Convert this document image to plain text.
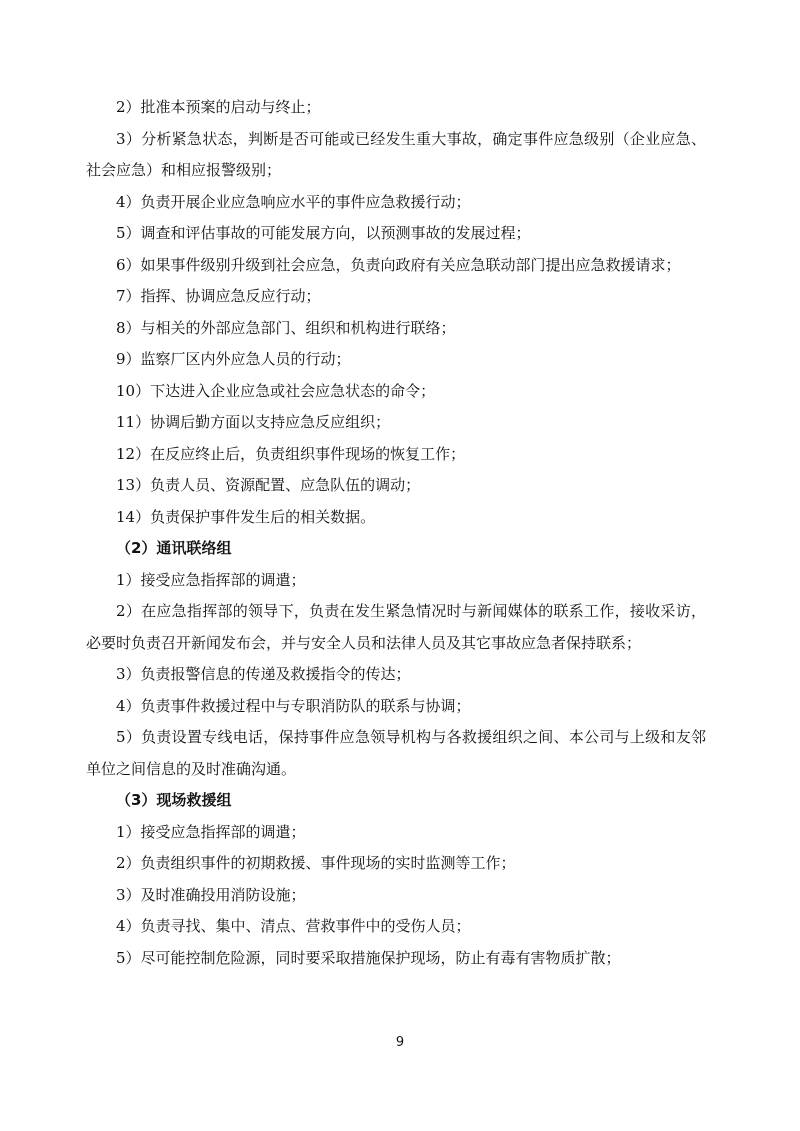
2）批准本预案的启动与终止；

3）分析紧急状态，判断是否可能或已经发生重大事故，确定事件应急级别（企业应急、社会应急）和相应报警级别；

4）负责开展企业应急响应水平的事件应急救援行动；

5）调查和评估事故的可能发展方向，以预测事故的发展过程；

6）如果事件级别升级到社会应急，负责向政府有关应急联动部门提出应急救援请求；

7）指挥、协调应急反应行动；

8）与相关的外部应急部门、组织和机构进行联络；

9）监察厂区内外应急人员的行动；

10）下达进入企业应急或社会应急状态的命令；

11）协调后勤方面以支持应急反应组织；

12）在反应终止后，负责组织事件现场的恢复工作；

13）负责人员、资源配置、应急队伍的调动；

14）负责保护事件发生后的相关数据。

（2）通讯联络组

1）接受应急指挥部的调遣；

2）在应急指挥部的领导下，负责在发生紧急情况时与新闻媒体的联系工作，接收采访，必要时负责召开新闻发布会，并与安全人员和法律人员及其它事故应急者保持联系；

3）负责报警信息的传递及救援指令的传达；

4）负责事件救援过程中与专职消防队的联系与协调；

5）负责设置专线电话，保持事件应急领导机构与各救援组织之间、本公司与上级和友邻单位之间信息的及时准确沟通。

（3）现场救援组

1）接受应急指挥部的调遣；

2）负责组织事件的初期救援、事件现场的实时监测等工作；

3）及时准确投用消防设施；

4）负责寻找、集中、清点、营救事件中的受伤人员；

5）尽可能控制危险源，同时要采取措施保护现场，防止有毒有害物质扩散；

9
